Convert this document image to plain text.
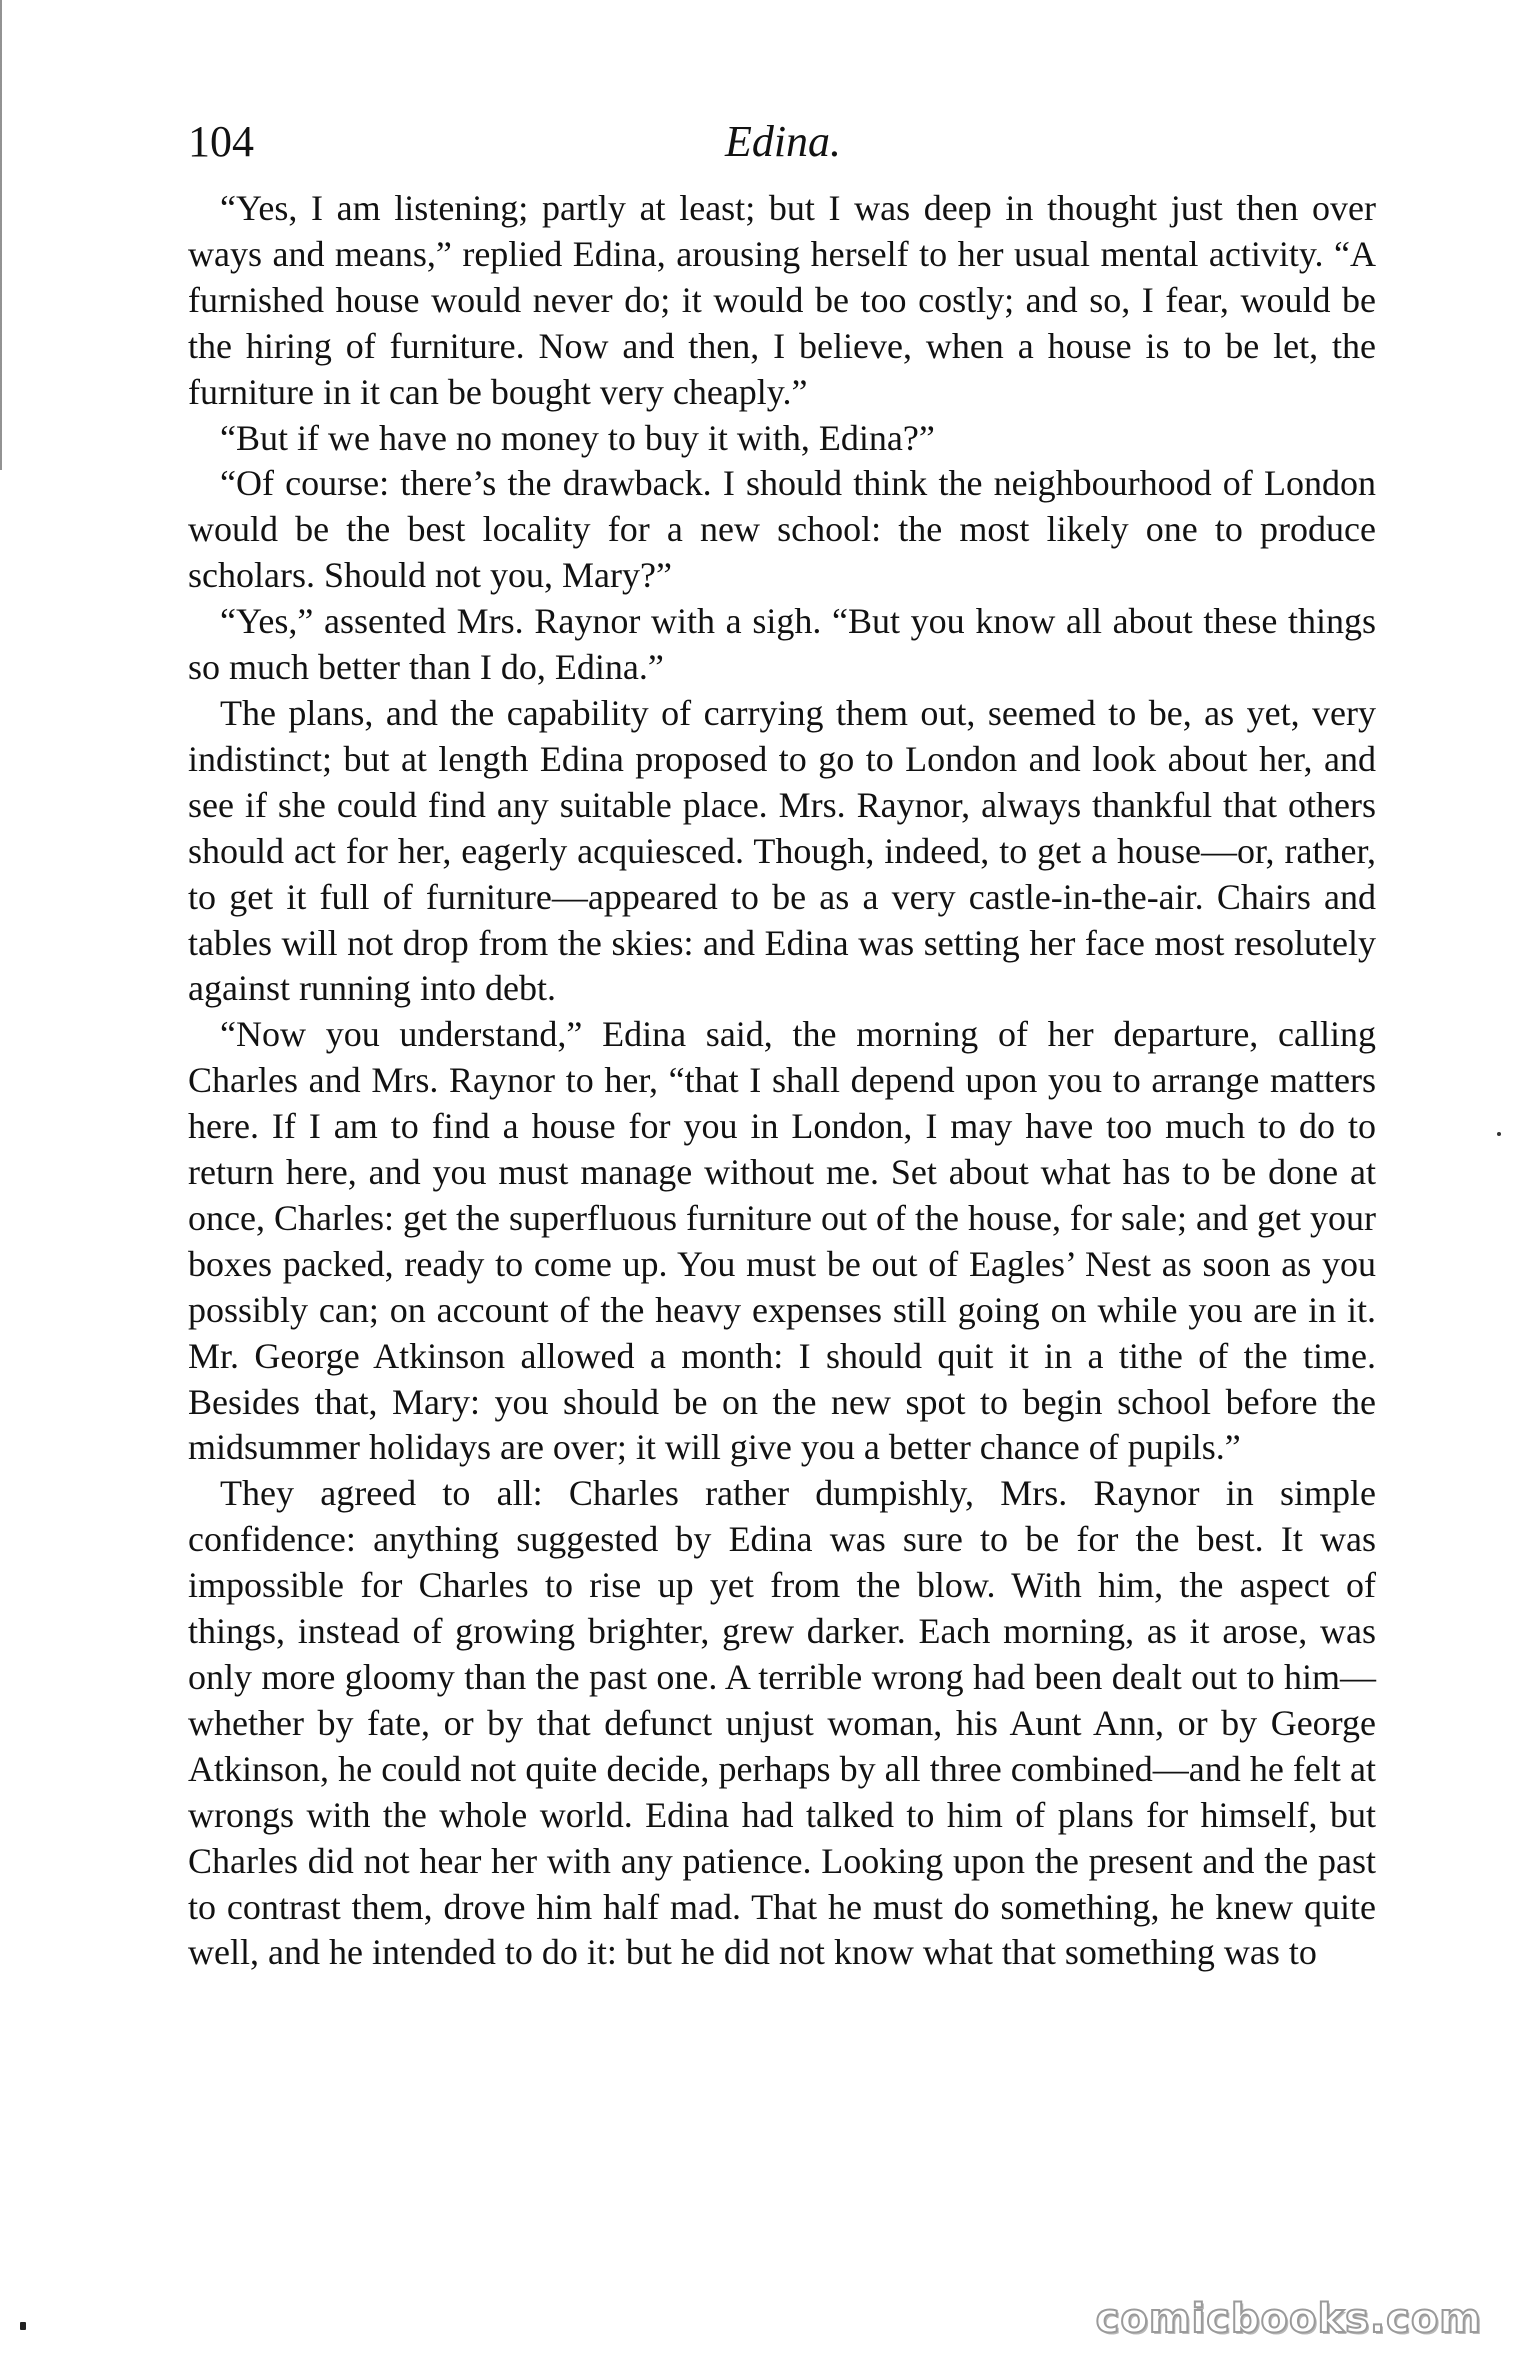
104	Edina.

“Yes, I am listening; partly at least; but I was deep in thought just then over ways and means,” replied Edina, arousing herself to her usual mental activity. “A furnished house would never do; it would be too costly; and so, I fear, would be the hiring of furniture. Now and then, I believe, when a house is to be let, the furniture in it can be bought very cheaply.”

“But if we have no money to buy it with, Edina?”

“Of course: there’s the drawback. I should think the neighbourhood of London would be the best locality for a new school: the most likely one to produce scholars. Should not you, Mary?”

“Yes,” assented Mrs. Raynor with a sigh. “But you know all about these things so much better than I do, Edina.”

The plans, and the capability of carrying them out, seemed to be, as yet, very indistinct; but at length Edina proposed to go to London and look about her, and see if she could find any suitable place. Mrs. Raynor, always thankful that others should act for her, eagerly acquiesced. Though, indeed, to get a house—or, rather, to get it full of furniture—appeared to be as a very castle-in-the-air. Chairs and tables will not drop from the skies: and Edina was setting her face most resolutely against running into debt.

“Now you understand,” Edina said, the morning of her departure, calling Charles and Mrs. Raynor to her, “that I shall depend upon you to arrange matters here. If I am to find a house for you in London, I may have too much to do to return here, and you must manage without me. Set about what has to be done at once, Charles: get the superfluous furniture out of the house, for sale; and get your boxes packed, ready to come up. You must be out of Eagles’ Nest as soon as you possibly can; on account of the heavy expenses still going on while you are in it. Mr. George Atkinson allowed a month: I should quit it in a tithe of the time. Besides that, Mary: you should be on the new spot to begin school before the midsummer holidays are over; it will give you a better chance of pupils.”

They agreed to all: Charles rather dumpishly, Mrs. Raynor in simple confidence: anything suggested by Edina was sure to be for the best. It was impossible for Charles to rise up yet from the blow. With him, the aspect of things, instead of growing brighter, grew darker. Each morning, as it arose, was only more gloomy than the past one. A terrible wrong had been dealt out to him—whether by fate, or by that defunct unjust woman, his Aunt Ann, or by George Atkinson, he could not quite decide, perhaps by all three combined—and he felt at wrongs with the whole world. Edina had talked to him of plans for himself, but Charles did not hear her with any patience. Looking upon the present and the past to contrast them, drove him half mad. That he must do something, he knew quite well, and he intended to do it: but he did not know what that something was to

comicbooks.com
